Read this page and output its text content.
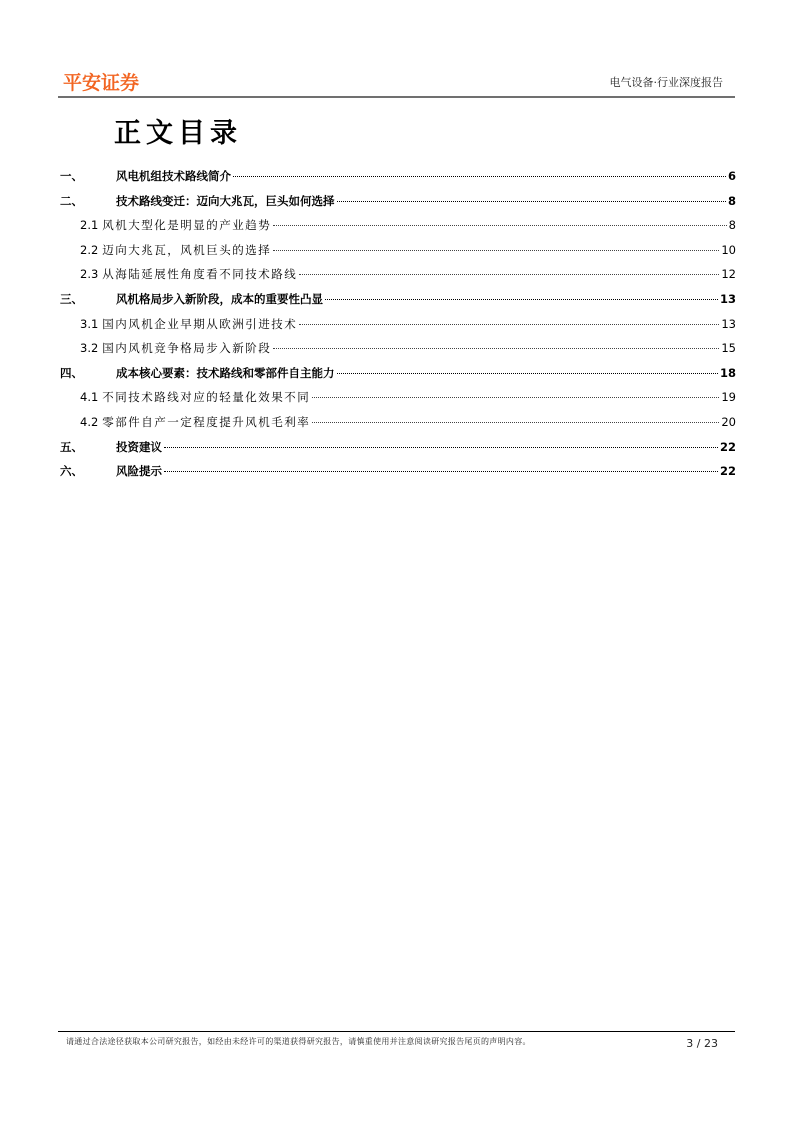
平安证券	电气设备·行业深度报告
正文目录
一、	风电机组技术路线简介	6
二、	技术路线变迁：迈向大兆瓦，巨头如何选择	8
2.1 风机大型化是明显的产业趋势	8
2.2 迈向大兆瓦，风机巨头的选择	10
2.3 从海陆延展性角度看不同技术路线	12
三、	风机格局步入新阶段，成本的重要性凸显	13
3.1 国内风机企业早期从欧洲引进技术	13
3.2 国内风机竞争格局步入新阶段	15
四、	成本核心要素：技术路线和零部件自主能力	18
4.1 不同技术路线对应的轻量化效果不同	19
4.2 零部件自产一定程度提升风机毛利率	20
五、	投资建议	22
六、	风险提示	22
请通过合法途径获取本公司研究报告，如经由未经许可的渠道获得研究报告，请慎重使用并注意阅读研究报告尾页的声明内容。	3 / 23
